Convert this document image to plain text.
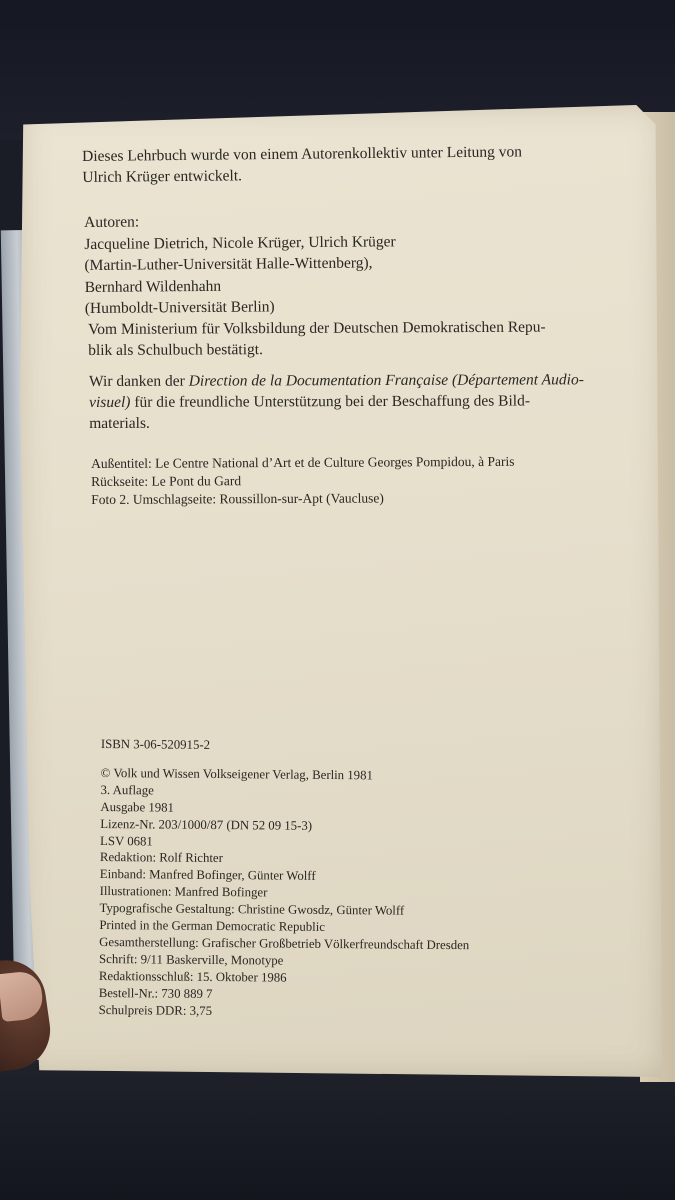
Dieses Lehrbuch wurde von einem Autorenkollektiv unter Leitung von
Ulrich Krüger entwickelt.
Autoren:
Jacqueline Dietrich, Nicole Krüger, Ulrich Krüger
(Martin-Luther-Universität Halle-Wittenberg),
Bernhard Wildenhahn
(Humboldt-Universität Berlin)
Vom Ministerium für Volksbildung der Deutschen Demokratischen Repu-
blik als Schulbuch bestätigt.
Wir danken der Direction de la Documentation Française (Département Audio-
visuel) für die freundliche Unterstützung bei der Beschaffung des Bild-
materials.
Außentitel: Le Centre National d’Art et de Culture Georges Pompidou, à Paris
Rückseite: Le Pont du Gard
Foto 2. Umschlagseite: Roussillon-sur-Apt (Vaucluse)
ISBN 3-06-520915-2
© Volk und Wissen Volkseigener Verlag, Berlin 1981
3. Auflage
Ausgabe 1981
Lizenz-Nr. 203/1000/87 (DN 52 09 15-3)
LSV 0681
Redaktion: Rolf Richter
Einband: Manfred Bofinger, Günter Wolff
Illustrationen: Manfred Bofinger
Typografische Gestaltung: Christine Gwosdz, Günter Wolff
Printed in the German Democratic Republic
Gesamtherstellung: Grafischer Großbetrieb Völkerfreundschaft Dresden
Schrift: 9/11 Baskerville, Monotype
Redaktionsschluß: 15. Oktober 1986
Bestell-Nr.: 730 889 7
Schulpreis DDR: 3,75
